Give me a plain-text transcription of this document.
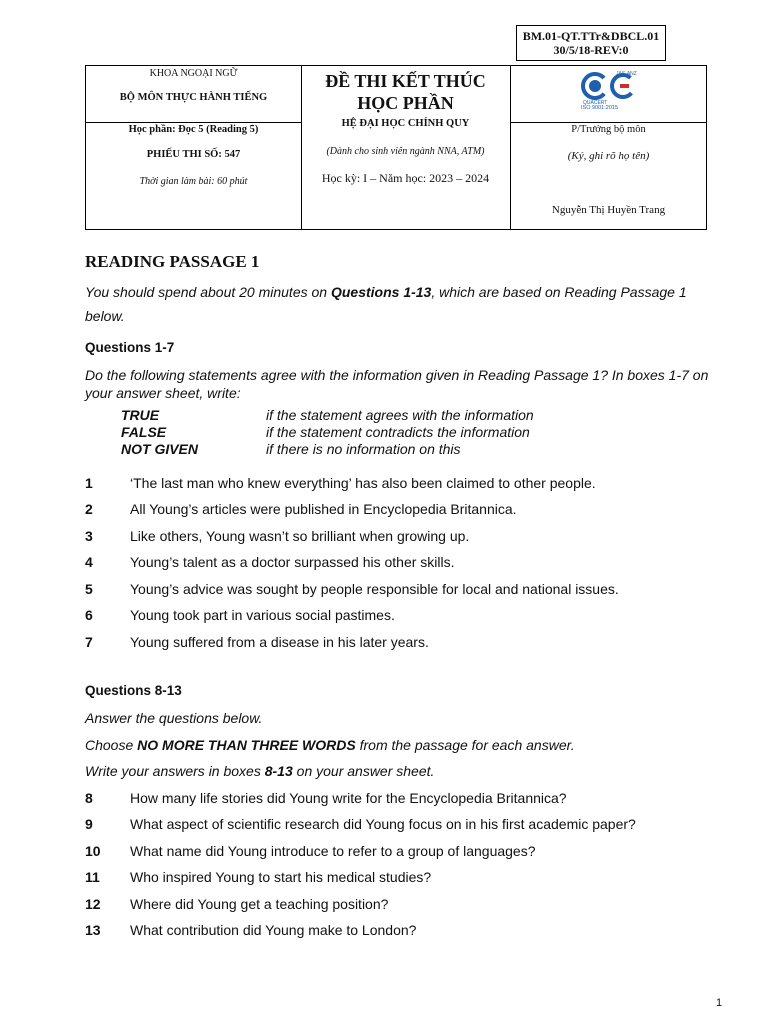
BM.01-QT.TTr&DBCL.01
30/5/18-REV:0
KHOA NGOẠI NGỮ
BỘ MÔN THỰC HÀNH TIẾNG
Học phần: Đọc 5 (Reading 5)
PHIẾU THI SỐ: 547
Thời gian làm bài: 60 phút
ĐỀ THI KẾT THÚC
HỌC PHẦN
HỆ ĐẠI HỌC CHÍNH QUY
(Dành cho sinh viên ngành NNA, ATM)
Học kỳ: I – Năm học: 2023 – 2024
QUACERT
JAS-ANZ
ISO 9001:2015
P/Trưởng bộ môn
(Ký, ghi rõ họ tên)
Nguyễn Thị Huyền Trang
READING PASSAGE 1
You should spend about 20 minutes on Questions 1-13, which are based on Reading Passage 1
below.
Questions 1-7
Do the following statements agree with the information given in Reading Passage 1? In boxes 1-7 on
your answer sheet, write:
TRUE	if the statement agrees with the information
FALSE	if the statement contradicts the information
NOT GIVEN	if there is no information on this
1	‘The last man who knew everything’ has also been claimed to other people.
2	All Young’s articles were published in Encyclopedia Britannica.
3	Like others, Young wasn’t so brilliant when growing up.
4	Young’s talent as a doctor surpassed his other skills.
5	Young’s advice was sought by people responsible for local and national issues.
6	Young took part in various social pastimes.
7	Young suffered from a disease in his later years.
Questions 8-13
Answer the questions below.
Choose NO MORE THAN THREE WORDS from the passage for each answer.
Write your answers in boxes 8-13 on your answer sheet.
8	How many life stories did Young write for the Encyclopedia Britannica?
9	What aspect of scientific research did Young focus on in his first academic paper?
10 What name did Young introduce to refer to a group of languages?
11 Who inspired Young to start his medical studies?
12 Where did Young get a teaching position?
13 What contribution did Young make to London?
1
